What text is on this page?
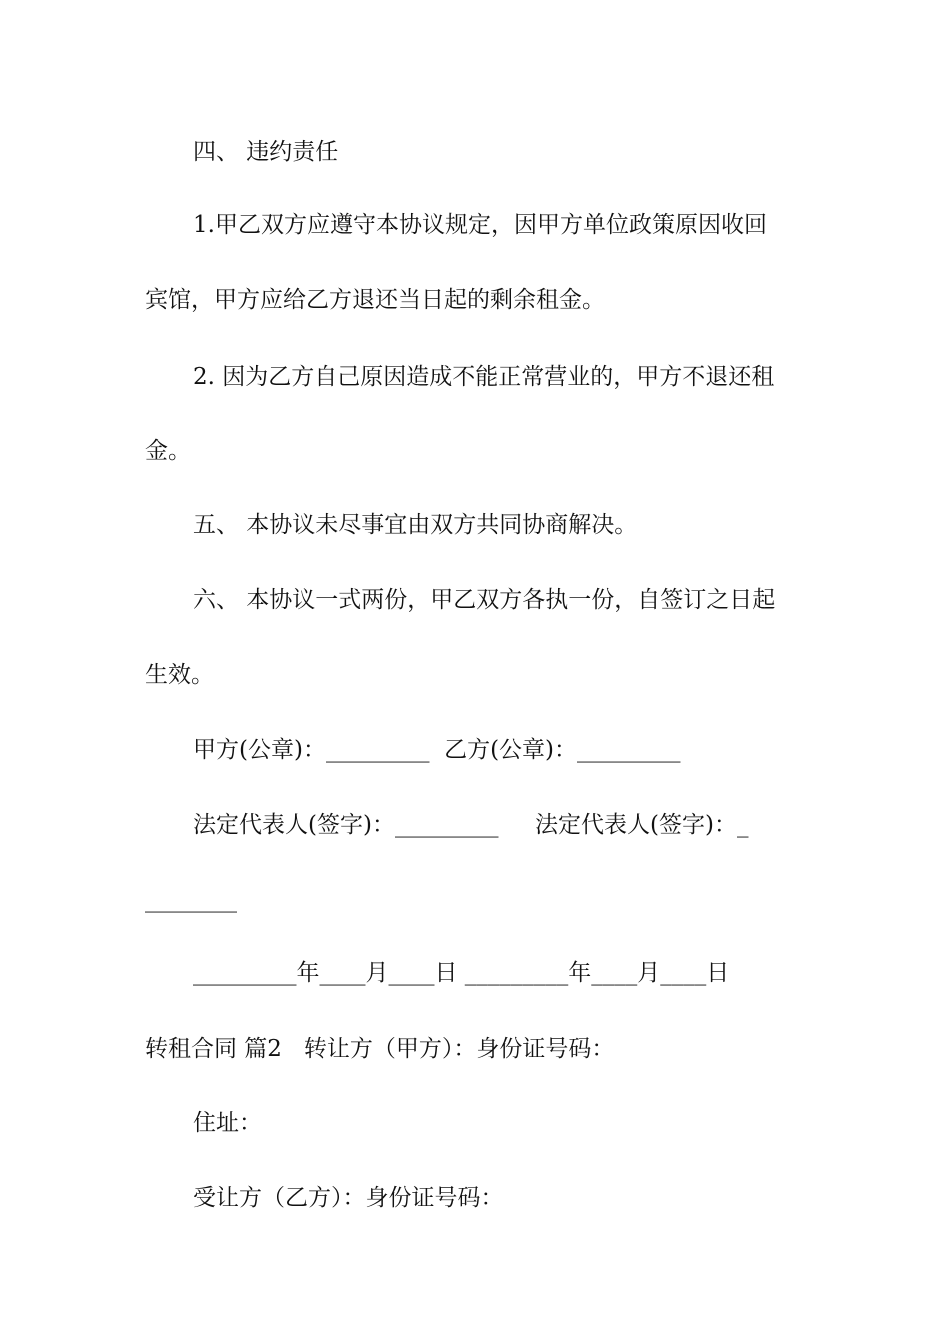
四、 违约责任
1.甲乙双方应遵守本协议规定，因甲方单位政策原因收回
宾馆，甲方应给乙方退还当日起的剩余租金。
2. 因为乙方自己原因造成不能正常营业的，甲方不退还租
金。
五、 本协议未尽事宜由双方共同协商解决。
六、 本协议一式两份，甲乙双方各执一份，自签订之日起
生效。
甲方(公章)：_________  乙方(公章)：_________
法定代表人(签字)：_________     法定代表人(签字)：_
________
_________年____月____日 _________年____月____日
转租合同 篇2   转让方（甲方）：身份证号码：
住址：
受让方（乙方）：身份证号码：
